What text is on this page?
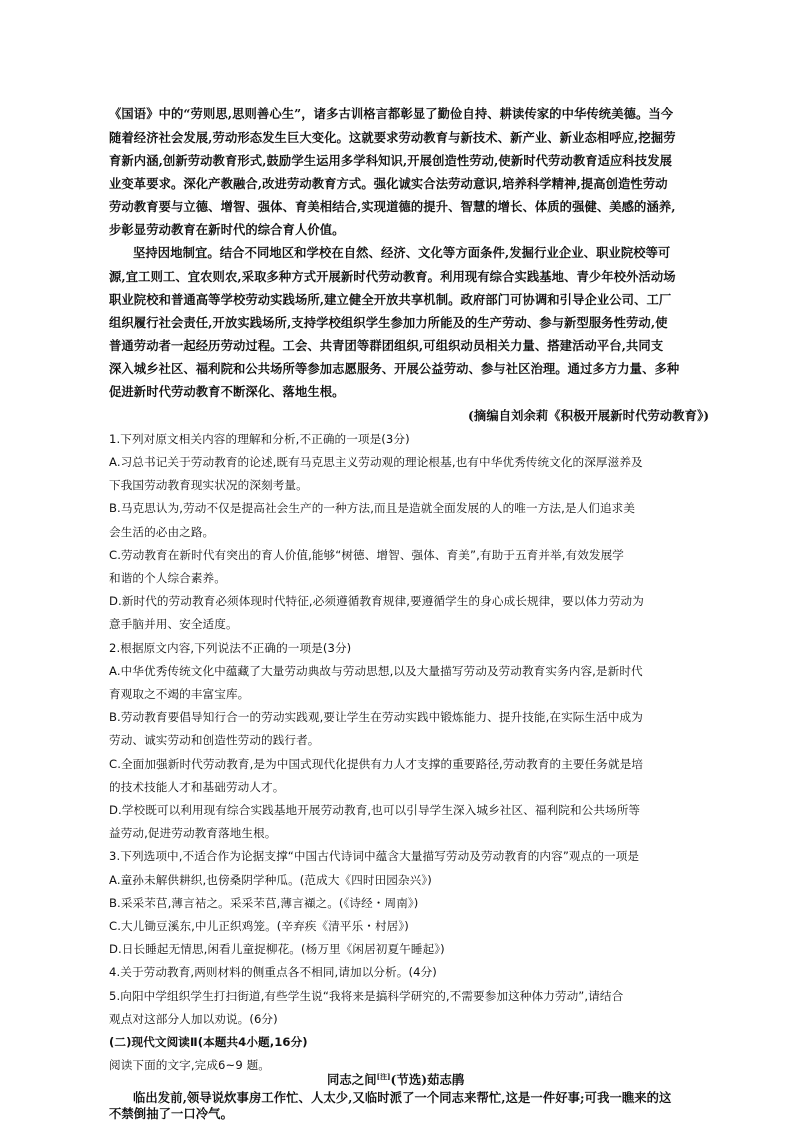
《国语》中的“劳则思,思则善心生”，诸多古训格言都彰显了勤俭自持、耕读传家的中华传统美德。当今
随着经济社会发展,劳动形态发生巨大变化。这就要求劳动教育与新技术、新产业、新业态相呼应,挖掘劳
育新内涵,创新劳动教育形式,鼓励学生运用多学科知识,开展创造性劳动,使新时代劳动教育适应科技发展
业变革要求。深化产教融合,改进劳动教育方式。强化诚实合法劳动意识,培养科学精神,提高创造性劳动
劳动教育要与立德、增智、强体、育美相结合,实现道德的提升、智慧的增长、体质的强健、美感的涵养,
步彰显劳动教育在新时代的综合育人价值。
坚持因地制宜。结合不同地区和学校在自然、经济、文化等方面条件,发掘行业企业、职业院校等可
源,宜工则工、宜农则农,采取多种方式开展新时代劳动教育。利用现有综合实践基地、青少年校外活动场
职业院校和普通高等学校劳动实践场所,建立健全开放共享机制。政府部门可协调和引导企业公司、工厂
组织履行社会责任,开放实践场所,支持学校组织学生参加力所能及的生产劳动、参与新型服务性劳动,使
普通劳动者一起经历劳动过程。工会、共青团等群团组织,可组织动员相关力量、搭建活动平台,共同支
深入城乡社区、福利院和公共场所等参加志愿服务、开展公益劳动、参与社区治理。通过多方力量、多种
促进新时代劳动教育不断深化、落地生根。
(摘编自刘余莉《积极开展新时代劳动教育》)
1.下列对原文相关内容的理解和分析,不正确的一项是(3分)
A.习总书记关于劳动教育的论述,既有马克思主义劳动观的理论根基,也有中华优秀传统文化的深厚滋养及
下我国劳动教育现实状况的深刻考量。
B.马克思认为,劳动不仅是提高社会生产的一种方法,而且是造就全面发展的人的唯一方法,是人们追求美
会生活的必由之路。
C.劳动教育在新时代有突出的育人价值,能够“树德、增智、强体、育美”,有助于五育并举,有效发展学
和谐的个人综合素养。
D.新时代的劳动教育必须体现时代特征,必须遵循教育规律,要遵循学生的身心成长规律，要以体力劳动为
意手脑并用、安全适度。
2.根据原文内容,下列说法不正确的一项是(3分)
A.中华优秀传统文化中蕴藏了大量劳动典故与劳动思想,以及大量描写劳动及劳动教育实务内容,是新时代
育观取之不竭的丰富宝库。
B.劳动教育要倡导知行合一的劳动实践观,要让学生在劳动实践中锻炼能力、提升技能,在实际生活中成为
劳动、诚实劳动和创造性劳动的践行者。
C.全面加强新时代劳动教育,是为中国式现代化提供有力人才支撑的重要路径,劳动教育的主要任务就是培
的技术技能人才和基础劳动人才。
D.学校既可以利用现有综合实践基地开展劳动教育,也可以引导学生深入城乡社区、福利院和公共场所等
益劳动,促进劳动教育落地生根。
3.下列选项中,不适合作为论据支撑“中国古代诗词中蕴含大量描写劳动及劳动教育的内容”观点的一项是
A.童孙未解供耕织,也傍桑阴学种瓜。(范成大《四时田园杂兴》)
B.采采芣苢,薄言袺之。采采芣苢,薄言襭之。(《诗经・周南》)
C.大儿锄豆溪东,中儿正织鸡笼。(辛弃疾《清平乐・村居》)
D.日长睡起无情思,闲看儿童捉柳花。(杨万里《闲居初夏午睡起》)
4.关于劳动教育,两则材料的侧重点各不相同,请加以分析。(4分)
5.向阳中学组织学生打扫街道,有些学生说“我将来是搞科学研究的,不需要参加这种体力劳动”,请结合
观点对这部分人加以劝说。(6分)
(二)现代文阅读Ⅱ(本题共4小题,16分)
阅读下面的文字,完成6~9 题。
同志之间[注](节选)茹志鹃
临出发前,领导说炊事房工作忙、人太少,又临时派了一个同志来帮忙,这是一件好事;可我一瞧来的这
不禁倒抽了一口冷气。
